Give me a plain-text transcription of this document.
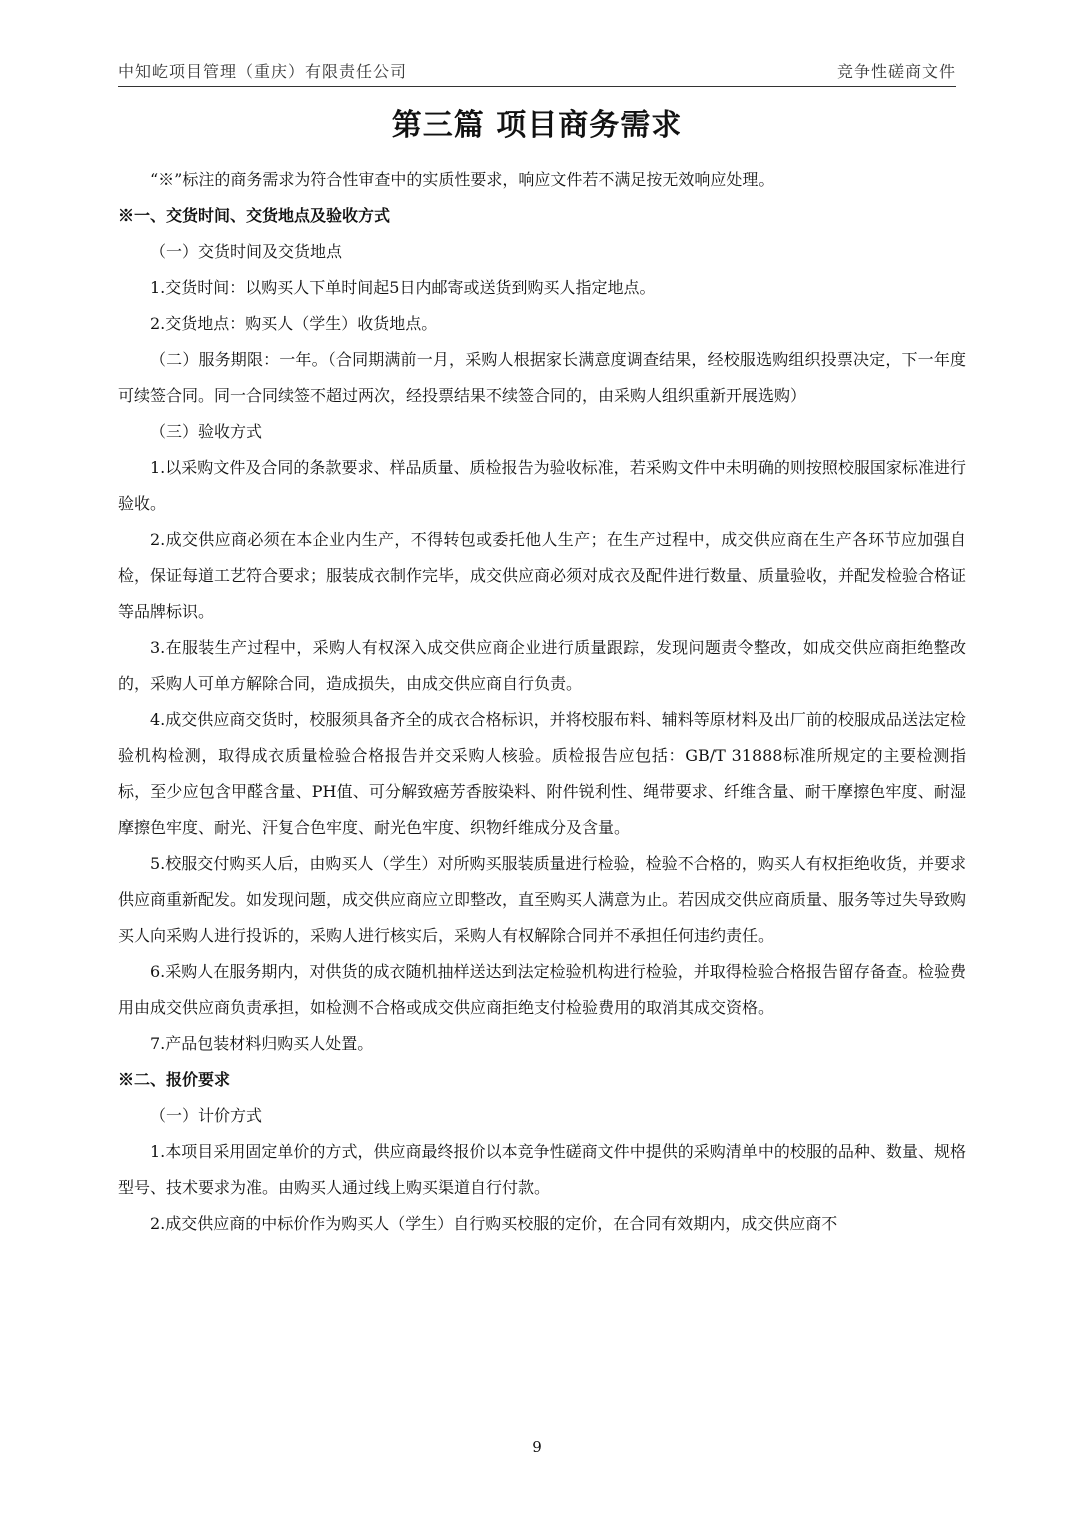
中知屹项目管理（重庆）有限责任公司	竞争性磋商文件
第三篇 项目商务需求

“※”标注的商务需求为符合性审查中的实质性要求，响应文件若不满足按无效响应处理。

※一、交货时间、交货地点及验收方式

（一）交货时间及交货地点

1.交货时间：以购买人下单时间起5日内邮寄或送货到购买人指定地点。

2.交货地点：购买人（学生）收货地点。

（二）服务期限：一年。（合同期满前一月，采购人根据家长满意度调查结果，经校服选购组织投票决定，下一年度可续签合同。同一合同续签不超过两次，经投票结果不续签合同的，由采购人组织重新开展选购）

（三）验收方式

1.以采购文件及合同的条款要求、样品质量、质检报告为验收标准，若采购文件中未明确的则按照校服国家标准进行验收。

2.成交供应商必须在本企业内生产，不得转包或委托他人生产；在生产过程中，成交供应商在生产各环节应加强自检，保证每道工艺符合要求；服装成衣制作完毕，成交供应商必须对成衣及配件进行数量、质量验收，并配发检验合格证等品牌标识。

3.在服装生产过程中，采购人有权深入成交供应商企业进行质量跟踪，发现问题责令整改，如成交供应商拒绝整改的，采购人可单方解除合同，造成损失，由成交供应商自行负责。

4.成交供应商交货时，校服须具备齐全的成衣合格标识，并将校服布料、辅料等原材料及出厂前的校服成品送法定检验机构检测，取得成衣质量检验合格报告并交采购人核验。质检报告应包括：GB/T 31888标准所规定的主要检测指标，至少应包含甲醛含量、PH值、可分解致癌芳香胺染料、附件锐利性、绳带要求、纤维含量、耐干摩擦色牢度、耐湿摩擦色牢度、耐光、汗复合色牢度、耐光色牢度、织物纤维成分及含量。

5.校服交付购买人后，由购买人（学生）对所购买服装质量进行检验，检验不合格的，购买人有权拒绝收货，并要求供应商重新配发。如发现问题，成交供应商应立即整改，直至购买人满意为止。若因成交供应商质量、服务等过失导致购买人向采购人进行投诉的，采购人进行核实后，采购人有权解除合同并不承担任何违约责任。

6.采购人在服务期内，对供货的成衣随机抽样送达到法定检验机构进行检验，并取得检验合格报告留存备查。检验费用由成交供应商负责承担，如检测不合格或成交供应商拒绝支付检验费用的取消其成交资格。

7.产品包装材料归购买人处置。

※二、报价要求

（一）计价方式

1.本项目采用固定单价的方式，供应商最终报价以本竞争性磋商文件中提供的采购清单中的校服的品种、数量、规格型号、技术要求为准。由购买人通过线上购买渠道自行付款。

2.成交供应商的中标价作为购买人（学生）自行购买校服的定价，在合同有效期内，成交供应商不

9
